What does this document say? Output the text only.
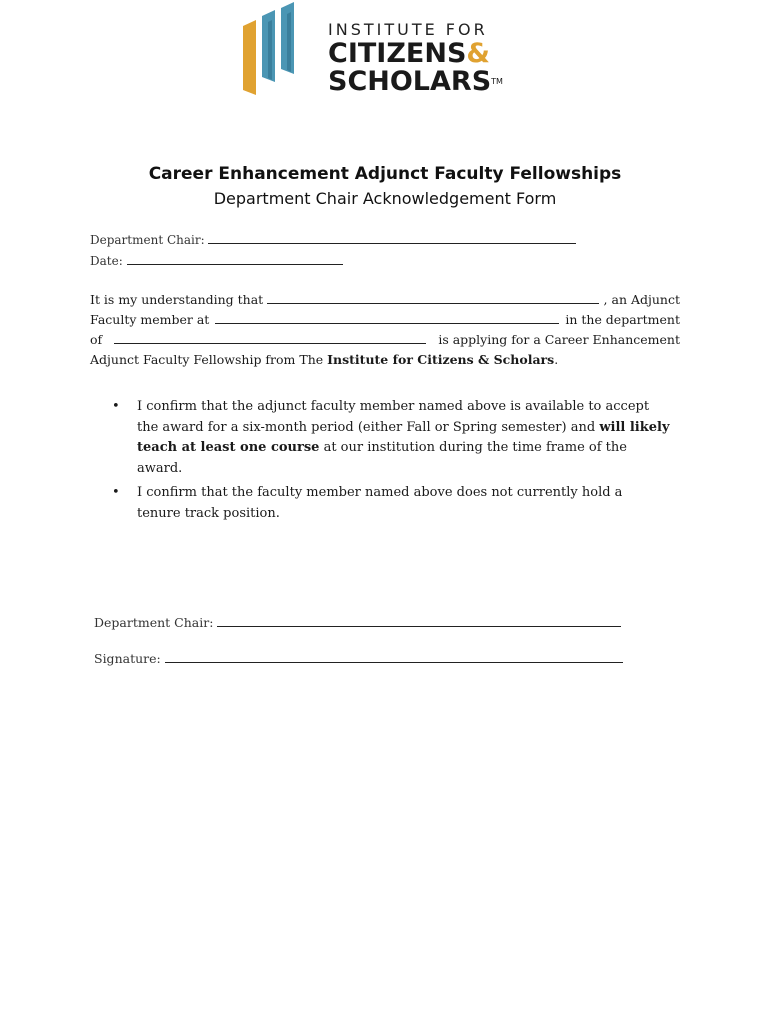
INSTITUTE FOR
CITIZENS&
SCHOLARS™
Career Enhancement Adjunct Faculty Fellowships
Department Chair Acknowledgement Form
Department Chair:
Date:
It is my understanding that	, an Adjunct
Faculty member at	in the department
of	is applying for a Career Enhancement
Adjunct Faculty Fellowship from The Institute for Citizens & Scholars.
• I confirm that the adjunct faculty member named above is available to accept the award for a six-month period (either Fall or Spring semester) and will likely teach at least one course at our institution during the time frame of the award.
• I confirm that the faculty member named above does not currently hold a tenure track position.
Department Chair:
Signature:
